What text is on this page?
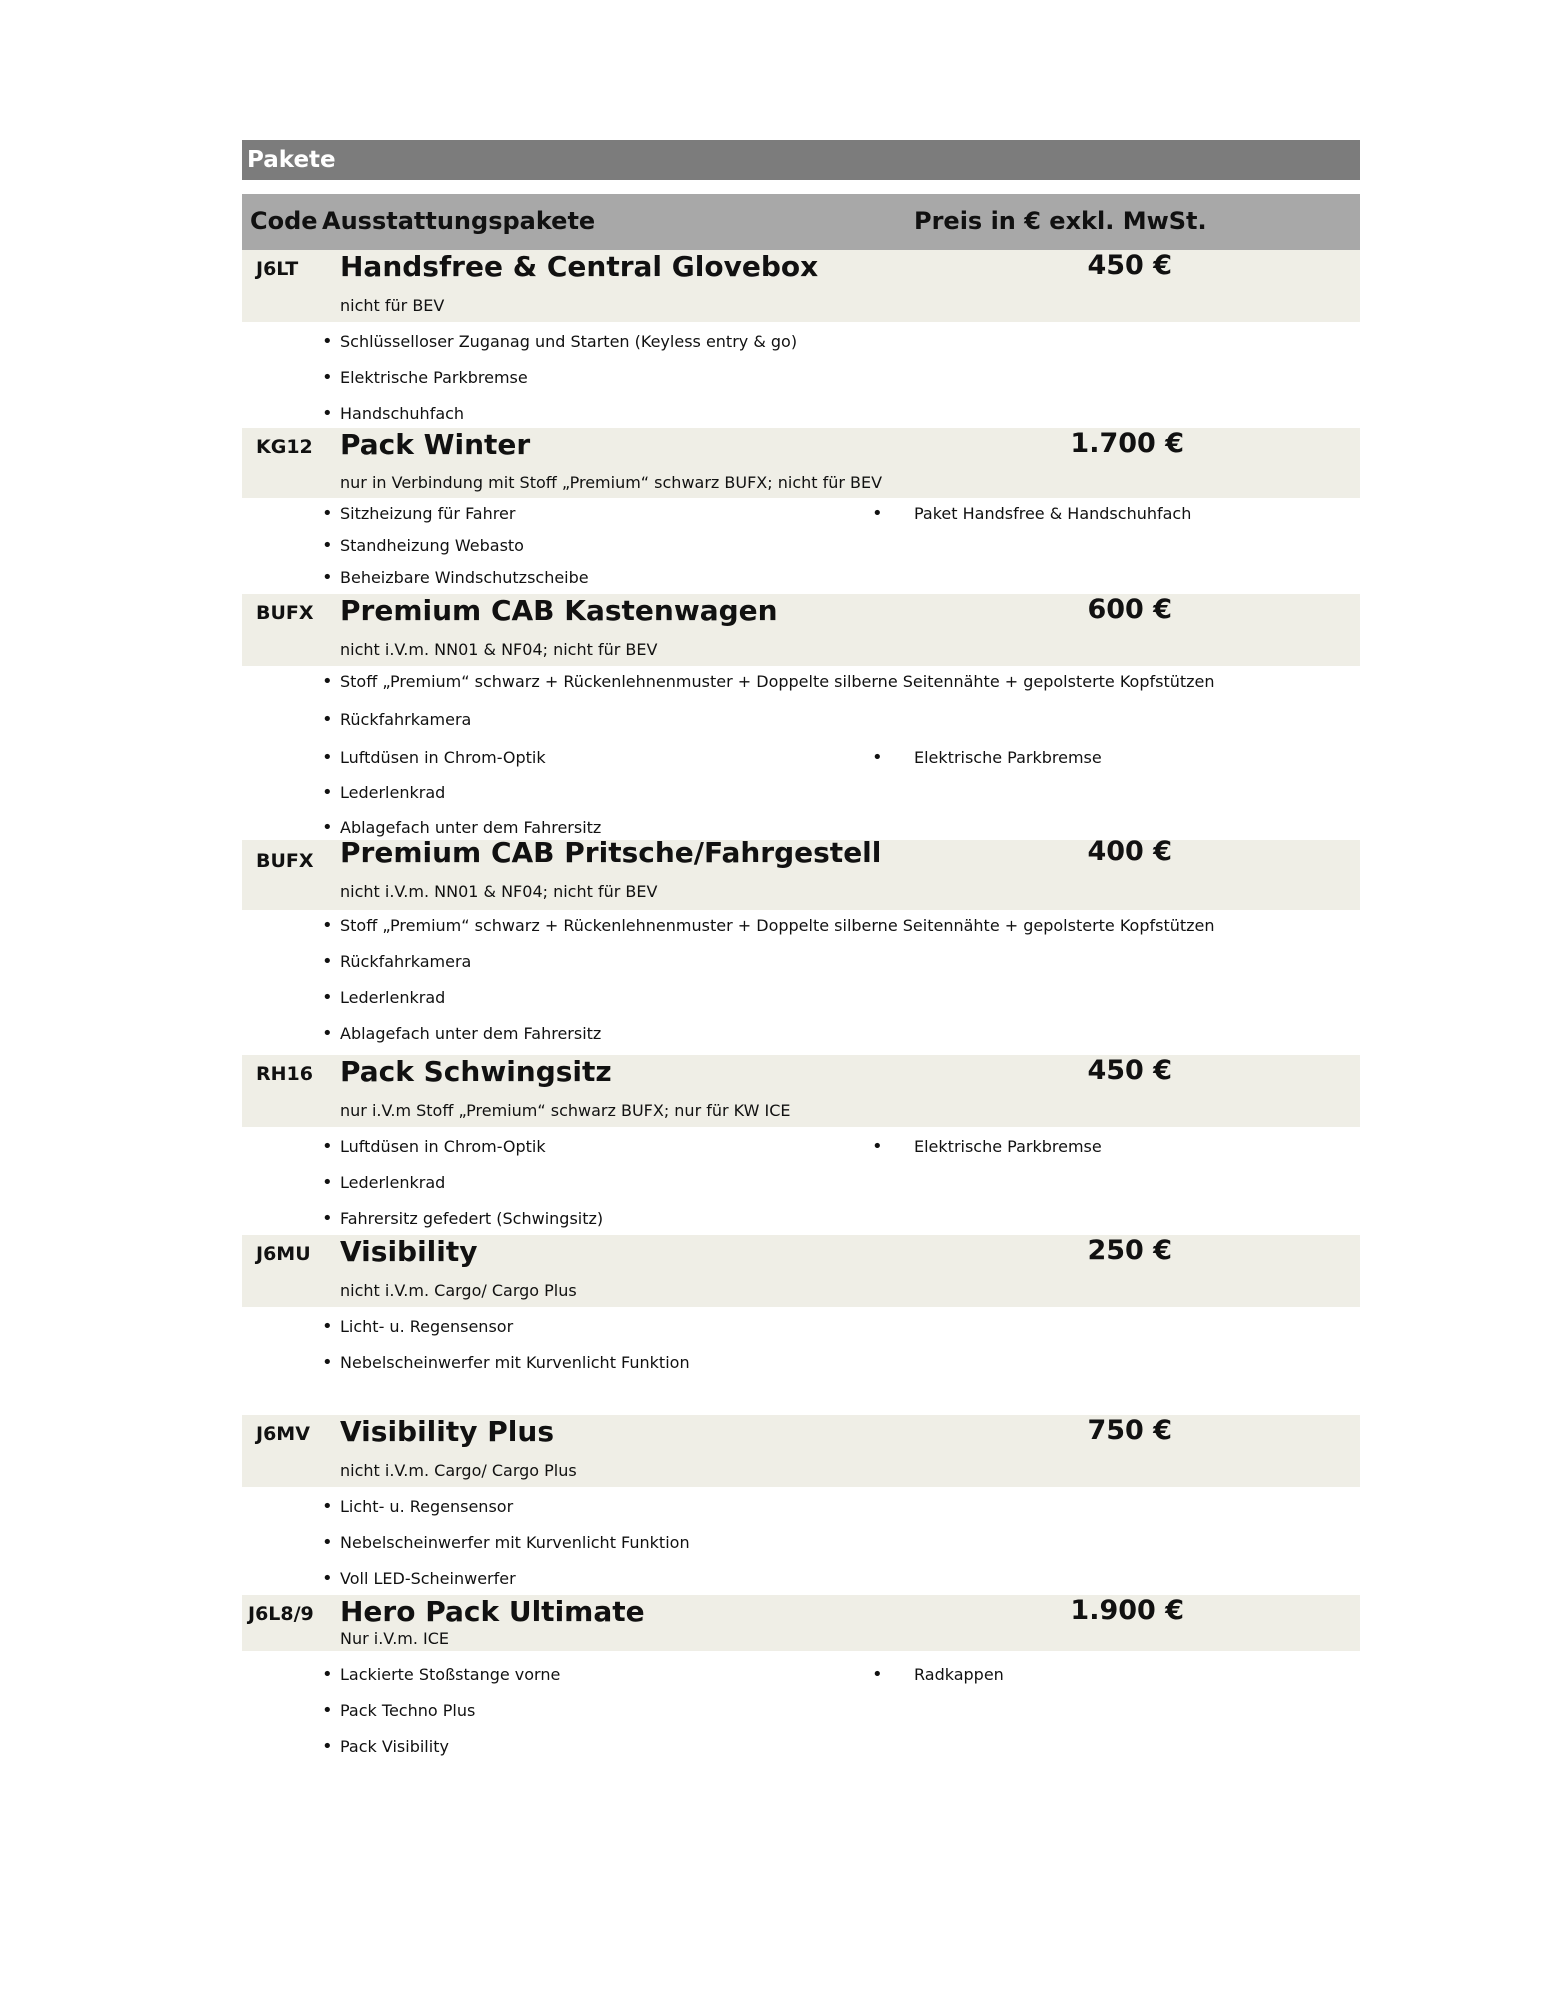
Pakete
Code Ausstattungspakete	Preis in € exkl. MwSt.
J6LT Handsfree & Central Glovebox	450 €
nicht für BEV
• Schlüsselloser Zuganag und Starten (Keyless entry & go)
• Elektrische Parkbremse
• Handschuhfach
KG12 Pack Winter	1.700 €
nur in Verbindung mit Stoff „Premium“ schwarz BUFX; nicht für BEV
• Sitzheizung für Fahrer
• Standheizung Webasto
• Beheizbare Windschutzscheibe
• Paket Handsfree & Handschuhfach
BUFX Premium CAB Kastenwagen	600 €
nicht i.V.m. NN01 & NF04; nicht für BEV
• Stoff „Premium“ schwarz + Rückenlehnenmuster + Doppelte silberne Seitennähte + gepolsterte Kopfstützen
• Rückfahrkamera
• Luftdüsen in Chrom-Optik
• Lederlenkrad
• Ablagefach unter dem Fahrersitz
• Elektrische Parkbremse
BUFX Premium CAB Pritsche/Fahrgestell	400 €
nicht i.V.m. NN01 & NF04; nicht für BEV
• Stoff „Premium“ schwarz + Rückenlehnenmuster + Doppelte silberne Seitennähte + gepolsterte Kopfstützen
• Rückfahrkamera
• Lederlenkrad
• Ablagefach unter dem Fahrersitz
RH16 Pack Schwingsitz	450 €
nur i.V.m Stoff „Premium“ schwarz BUFX; nur für KW ICE
• Luftdüsen in Chrom-Optik
• Lederlenkrad
• Fahrersitz gefedert (Schwingsitz)
• Elektrische Parkbremse
J6MU Visibility	250 €
nicht i.V.m. Cargo/ Cargo Plus
• Licht- u. Regensensor
• Nebelscheinwerfer mit Kurvenlicht Funktion
J6MV Visibility Plus	750 €
nicht i.V.m. Cargo/ Cargo Plus
• Licht- u. Regensensor
• Nebelscheinwerfer mit Kurvenlicht Funktion
• Voll LED-Scheinwerfer
J6L8/9 Hero Pack Ultimate	1.900 €
Nur i.V.m. ICE
• Lackierte Stoßstange vorne
• Pack Techno Plus
• Pack Visibility
• Radkappen
